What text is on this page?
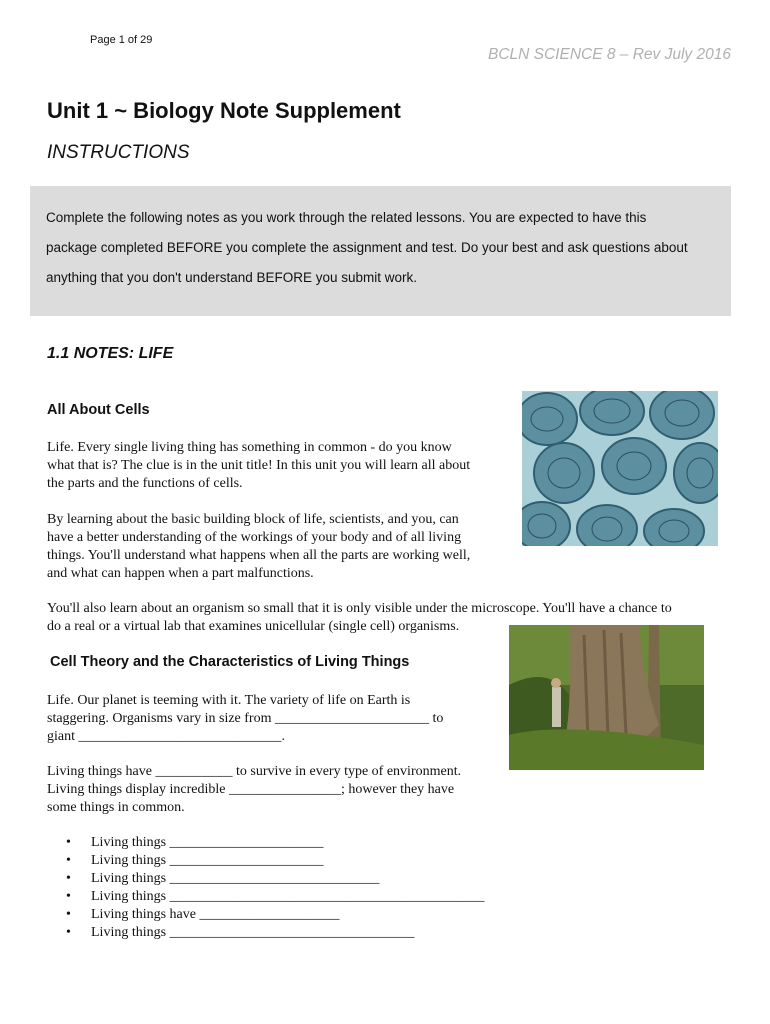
Page 1 of 29
BCLN SCIENCE 8 – Rev July 2016
Unit 1 ~ Biology Note Supplement
INSTRUCTIONS
Complete the following notes as you work through the related lessons. You are expected to have this
package completed BEFORE you complete the assignment and test. Do your best and ask questions about
anything that you don't understand BEFORE you submit work.
1.1 NOTES: LIFE
All About Cells
Life. Every single living thing has something in common - do you know
what that is? The clue is in the unit title! In this unit you will learn all about
the parts and the functions of cells.
By learning about the basic building block of life, scientists, and you, can
have a better understanding of the workings of your body and of all living
things. You'll understand what happens when all the parts are working well,
and what can happen when a part malfunctions.
You'll also learn about an organism so small that it is only visible under the microscope. You'll have a chance to
do a real or a virtual lab that examines unicellular (single cell) organisms.
Cell Theory and the Characteristics of Living Things
Life. Our planet is teeming with it. The variety of life on Earth is
staggering. Organisms vary in size from ______________________ to
giant _____________________________.
Living things have ___________ to survive in every type of environment.
Living things display incredible ________________; however they have
some things in common.
• Living things ______________________
• Living things ______________________
• Living things ______________________________
• Living things _____________________________________________
• Living things have ____________________
• Living things ___________________________________
